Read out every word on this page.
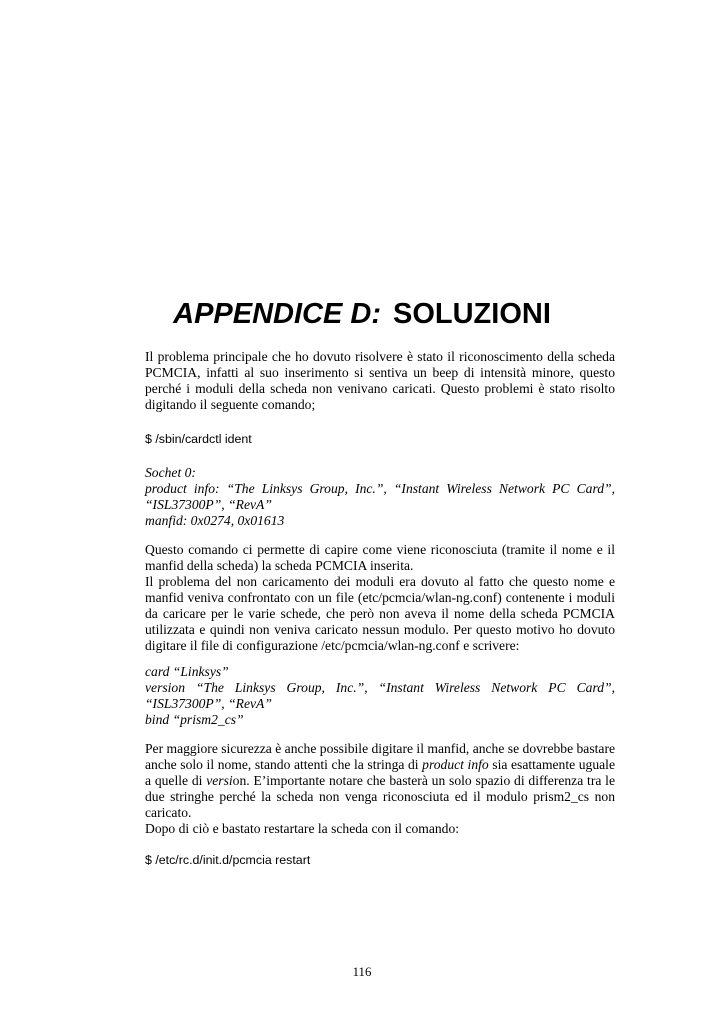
APPENDICE D: SOLUZIONI
Il problema principale che ho dovuto risolvere è stato il riconoscimento della scheda
PCMCIA, infatti al suo inserimento si sentiva un beep di intensità minore, questo
perché i moduli della scheda non venivano caricati. Questo problemi è stato risolto
digitando il seguente comando;
$ /sbin/cardctl ident
Sochet 0:
product info: “The Linksys Group, Inc.”, “Instant Wireless Network PC Card”,
“ISL37300P”, “RevA”
manfid: 0x0274, 0x01613
Questo comando ci permette di capire come viene riconosciuta (tramite il nome e il
manfid della scheda) la scheda PCMCIA inserita.
Il problema del non caricamento dei moduli era dovuto al fatto che questo nome e
manfid veniva confrontato con un file (etc/pcmcia/wlan-ng.conf) contenente i moduli
da caricare per le varie schede, che però non aveva il nome della scheda PCMCIA
utilizzata e quindi non veniva caricato nessun modulo. Per questo motivo ho dovuto
digitare il file di configurazione /etc/pcmcia/wlan-ng.conf e scrivere:
card “Linksys”
version “The Linksys Group, Inc.”, “Instant Wireless Network PC Card”,
“ISL37300P”, “RevA”
bind “prism2_cs”
Per maggiore sicurezza è anche possibile digitare il manfid, anche se dovrebbe bastare
anche solo il nome, stando attenti che la stringa di product info sia esattamente uguale
a quelle di version. E’importante notare che basterà un solo spazio di differenza tra le
due stringhe perché la scheda non venga riconosciuta ed il modulo prism2_cs non
caricato.
Dopo di ciò e bastato restartare la scheda con il comando:
$ /etc/rc.d/init.d/pcmcia restart
116
